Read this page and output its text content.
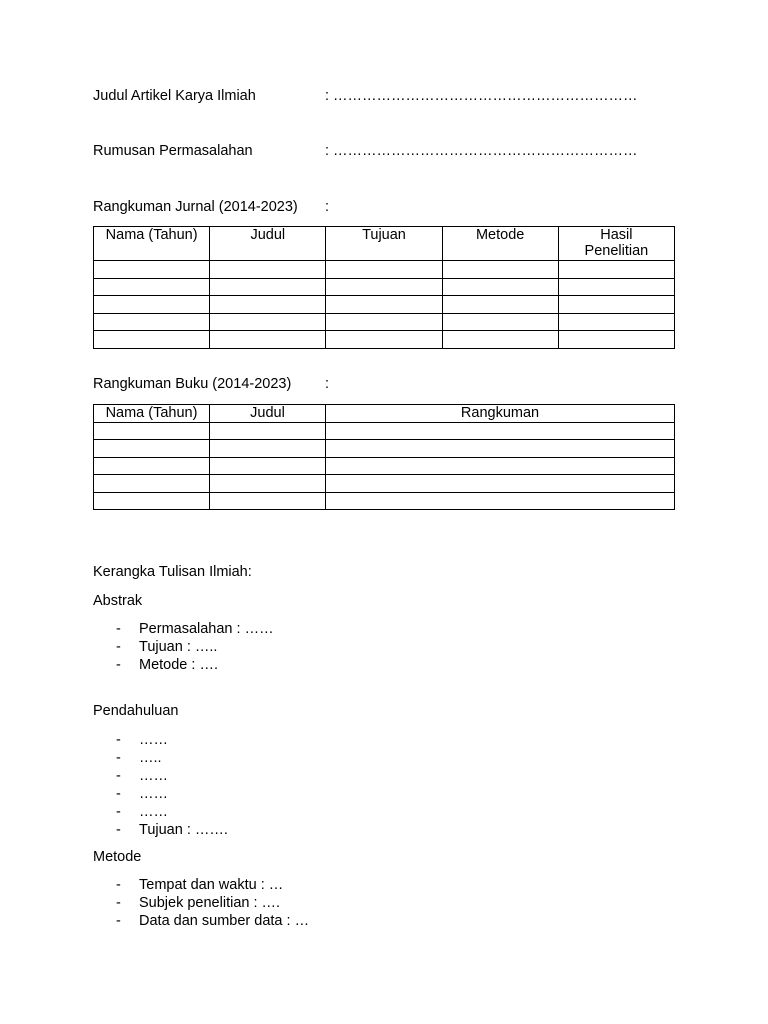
Judul Artikel Karya Ilmiah	: ………………………………………………………
Rumusan Permasalahan	: ………………………………………………………
Rangkuman Jurnal (2014-2023) :
Nama (Tahun)	Judul	Tujuan	Metode	Hasil Penelitian

Rangkuman Buku (2014-2023) :
Nama (Tahun)	Judul	Rangkuman

Kerangka Tulisan Ilmiah:
Abstrak
-	Permasalahan : ……
-	Tujuan : …..
-	Metode : ….
Pendahuluan
-	……
-	…..
-	……
-	……
-	……
-	Tujuan : …….
Metode
-	Tempat dan waktu : …
-	Subjek penelitian : ….
-	Data dan sumber data : …
